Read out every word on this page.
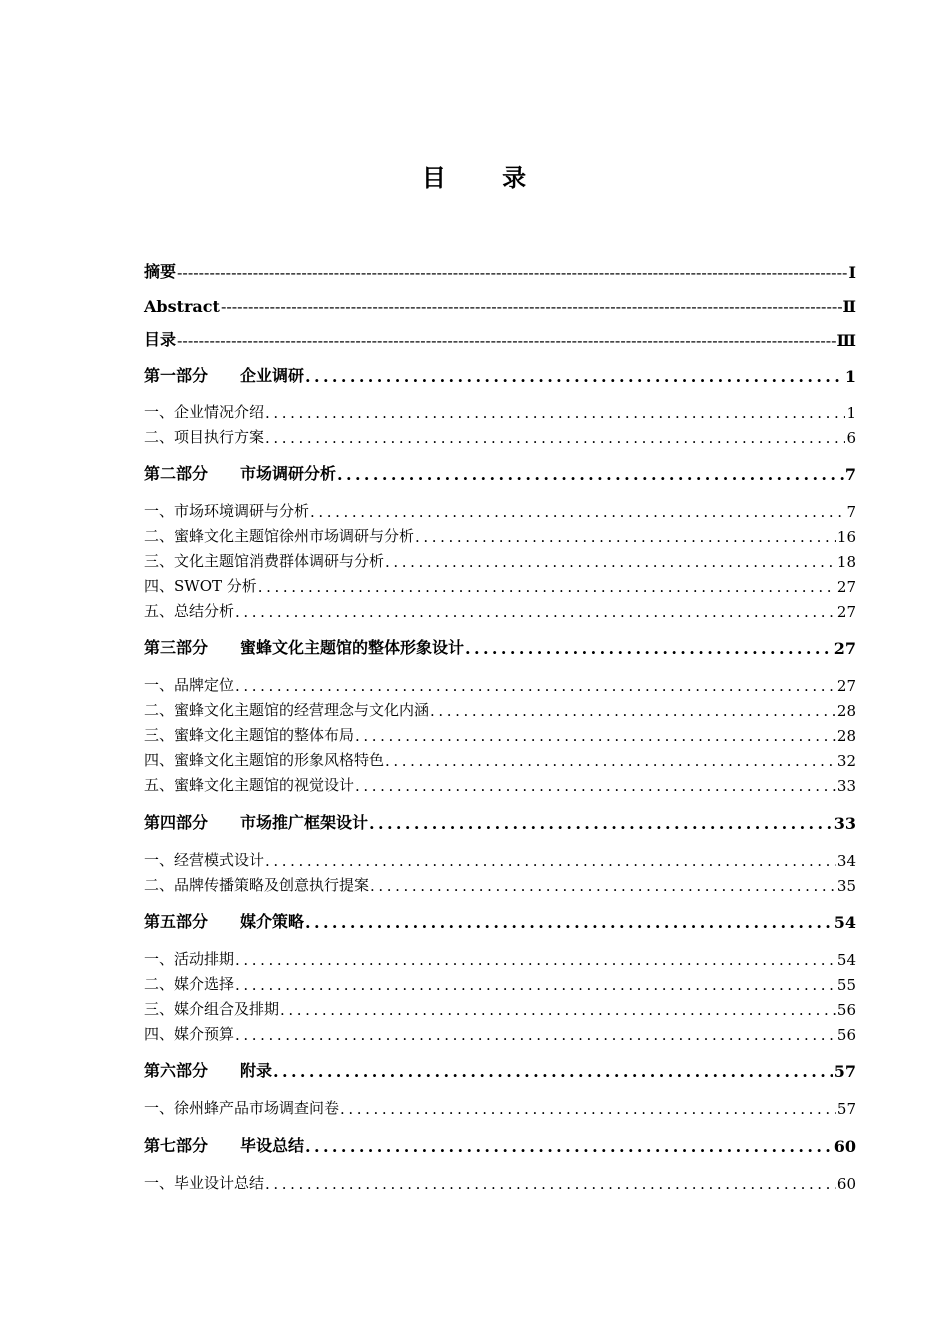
目 录
摘要 -----	Ⅰ
Abstract -----	Ⅱ
目录 -----	Ⅲ
第一部分 企业调研 .....	1
一、企业情况介绍 .....	1
二、项目执行方案 .....	6
第二部分 市场调研分析 .....	7
一、市场环境调研与分析 .....	7
二、蜜蜂文化主题馆徐州市场调研与分析 .....	16
三、文化主题馆消费群体调研与分析 .....	18
四、SWOT 分析 .....	27
五、总结分析 .....	27
第三部分 蜜蜂文化主题馆的整体形象设计 .....	27
一、品牌定位 .....	27
二、蜜蜂文化主题馆的经营理念与文化内涵 .....	28
三、蜜蜂文化主题馆的整体布局 .....	28
四、蜜蜂文化主题馆的形象风格特色 .....	32
五、蜜蜂文化主题馆的视觉设计 .....	33
第四部分 市场推广框架设计 .....	33
一、经营模式设计 .....	34
二、品牌传播策略及创意执行提案 .....	35
第五部分 媒介策略 .....	54
一、活动排期 .....	54
二、媒介选择 .....	55
三、媒介组合及排期 .....	56
四、媒介预算 .....	56
第六部分 附录 .....	57
一、徐州蜂产品市场调查问卷 .....	57
第七部分 毕设总结 .....	60
一、毕业设计总结 .....	60
